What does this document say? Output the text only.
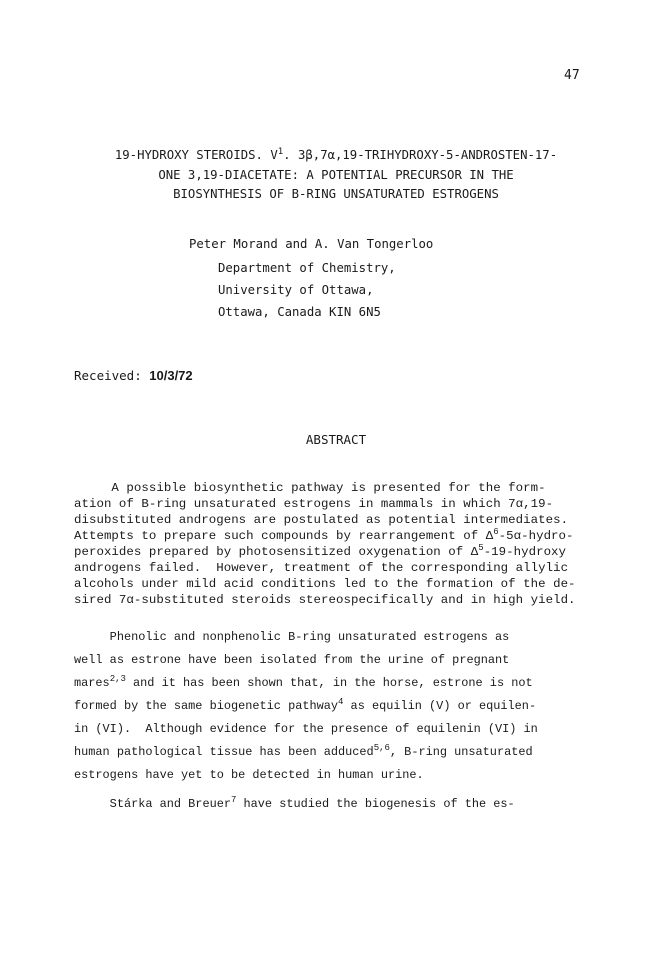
47
19-HYDROXY STEROIDS. $V^1$. 3β,7α,19-TRIHYDROXY-5-ANDROSTEN-17-
ONE 3,19-DIACETATE: A POTENTIAL PRECURSOR IN THE
BIOSYNTHESIS OF B-RING UNSATURATED ESTROGENS
Peter Morand and A. Van Tongerloo
Department of Chemistry,
University of Ottawa,
Ottawa, Canada KIN 6N5
Received: 10/3/72
ABSTRACT
A possible biosynthetic pathway is presented for the form-
ation of B-ring unsaturated estrogens in mammals in which 7α,19-
disubstituted androgens are postulated as potential intermediates.
Attempts to prepare such compounds by rearrangement of $\Delta^6-5\alpha-hydro-$
peroxides prepared by photosensitized oxygenation of $\Delta^5-19$-hydroxy
androgens failed.  However, treatment of the corresponding allylic
alcohols under mild acid conditions led to the formation of the de-
sired 7α-substituted steroids stereospecifically and in high yield.
Phenolic and nonphenolic B-ring unsaturated estrogens as
well as estrone have been isolated from the urine of pregnant
mares$^{2,3}$ and it has been shown that, in the horse, estrone is not
formed by the same biogenetic pathway$^4$ as equilin (V) or equilen-
in (VI).  Although evidence for the presence of equilenin (VI) in
human pathological tissue has been adduced$^{5,6}$, B-ring unsaturated
estrogens have yet to be detected in human urine.
Stárka and Breuer$^7$ have studied the biogenesis of the es-
